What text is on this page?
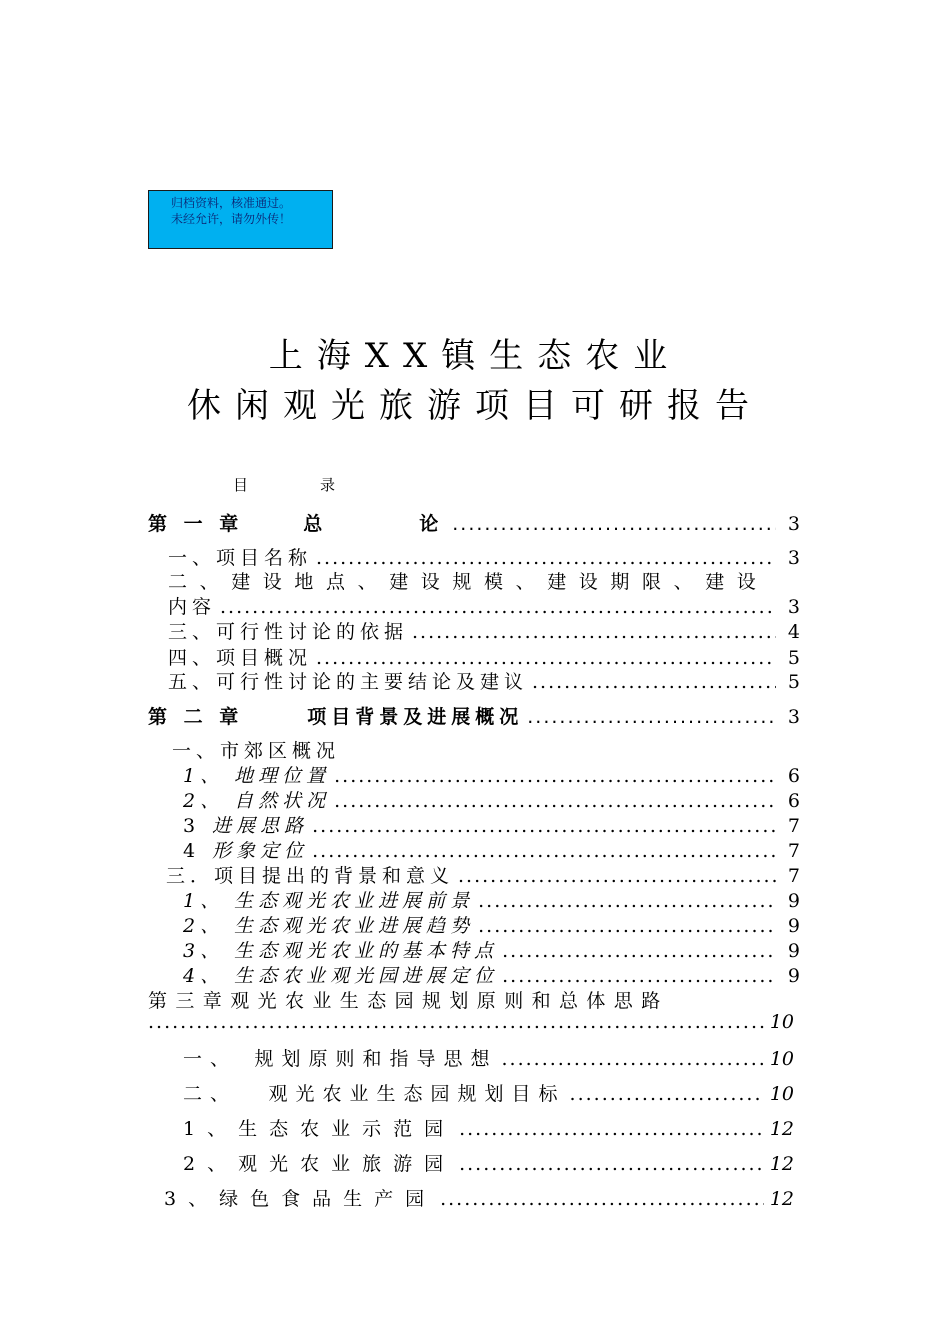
归档资料，核准通过。
未经允许，请勿外传！
上海XX镇生态农业
休闲观光旅游项目可研报告
目	录
第 一 章	总　　　论 .....	3
一、项目名称 .....	3
二、建设地点、建设规模、建设期限、建设
内容 .....	3
三、可行性讨论的依据 .....	4
四、项目概况 .....	5
五、可行性讨论的主要结论及建议 .....	5
第 二 章	项目背景及进展概况 .....	3
一、市郊区概况
1、 地理位置 .....	6
2、 自然状况 .....	6
3 进展思路 .....	7
4 形象定位 .....	7
三．项目提出的背景和意义 .....	7
1、 生态观光农业进展前景 .....	9
2、 生态观光农业进展趋势 .....	9
3、 生态观光农业的基本特点 .....	9
4、 生态农业观光园进展定位 .....	9
第三章观光农业生态园规划原则和总体思路
.....
10
一、　规划原则和指导思想 .....	10
二、　 观光农业生态园规划目标 .....	10
1、生态农业示范园 .....	12
2、观光农业旅游园 .....	12
3、绿色食品生产园 .....	12
